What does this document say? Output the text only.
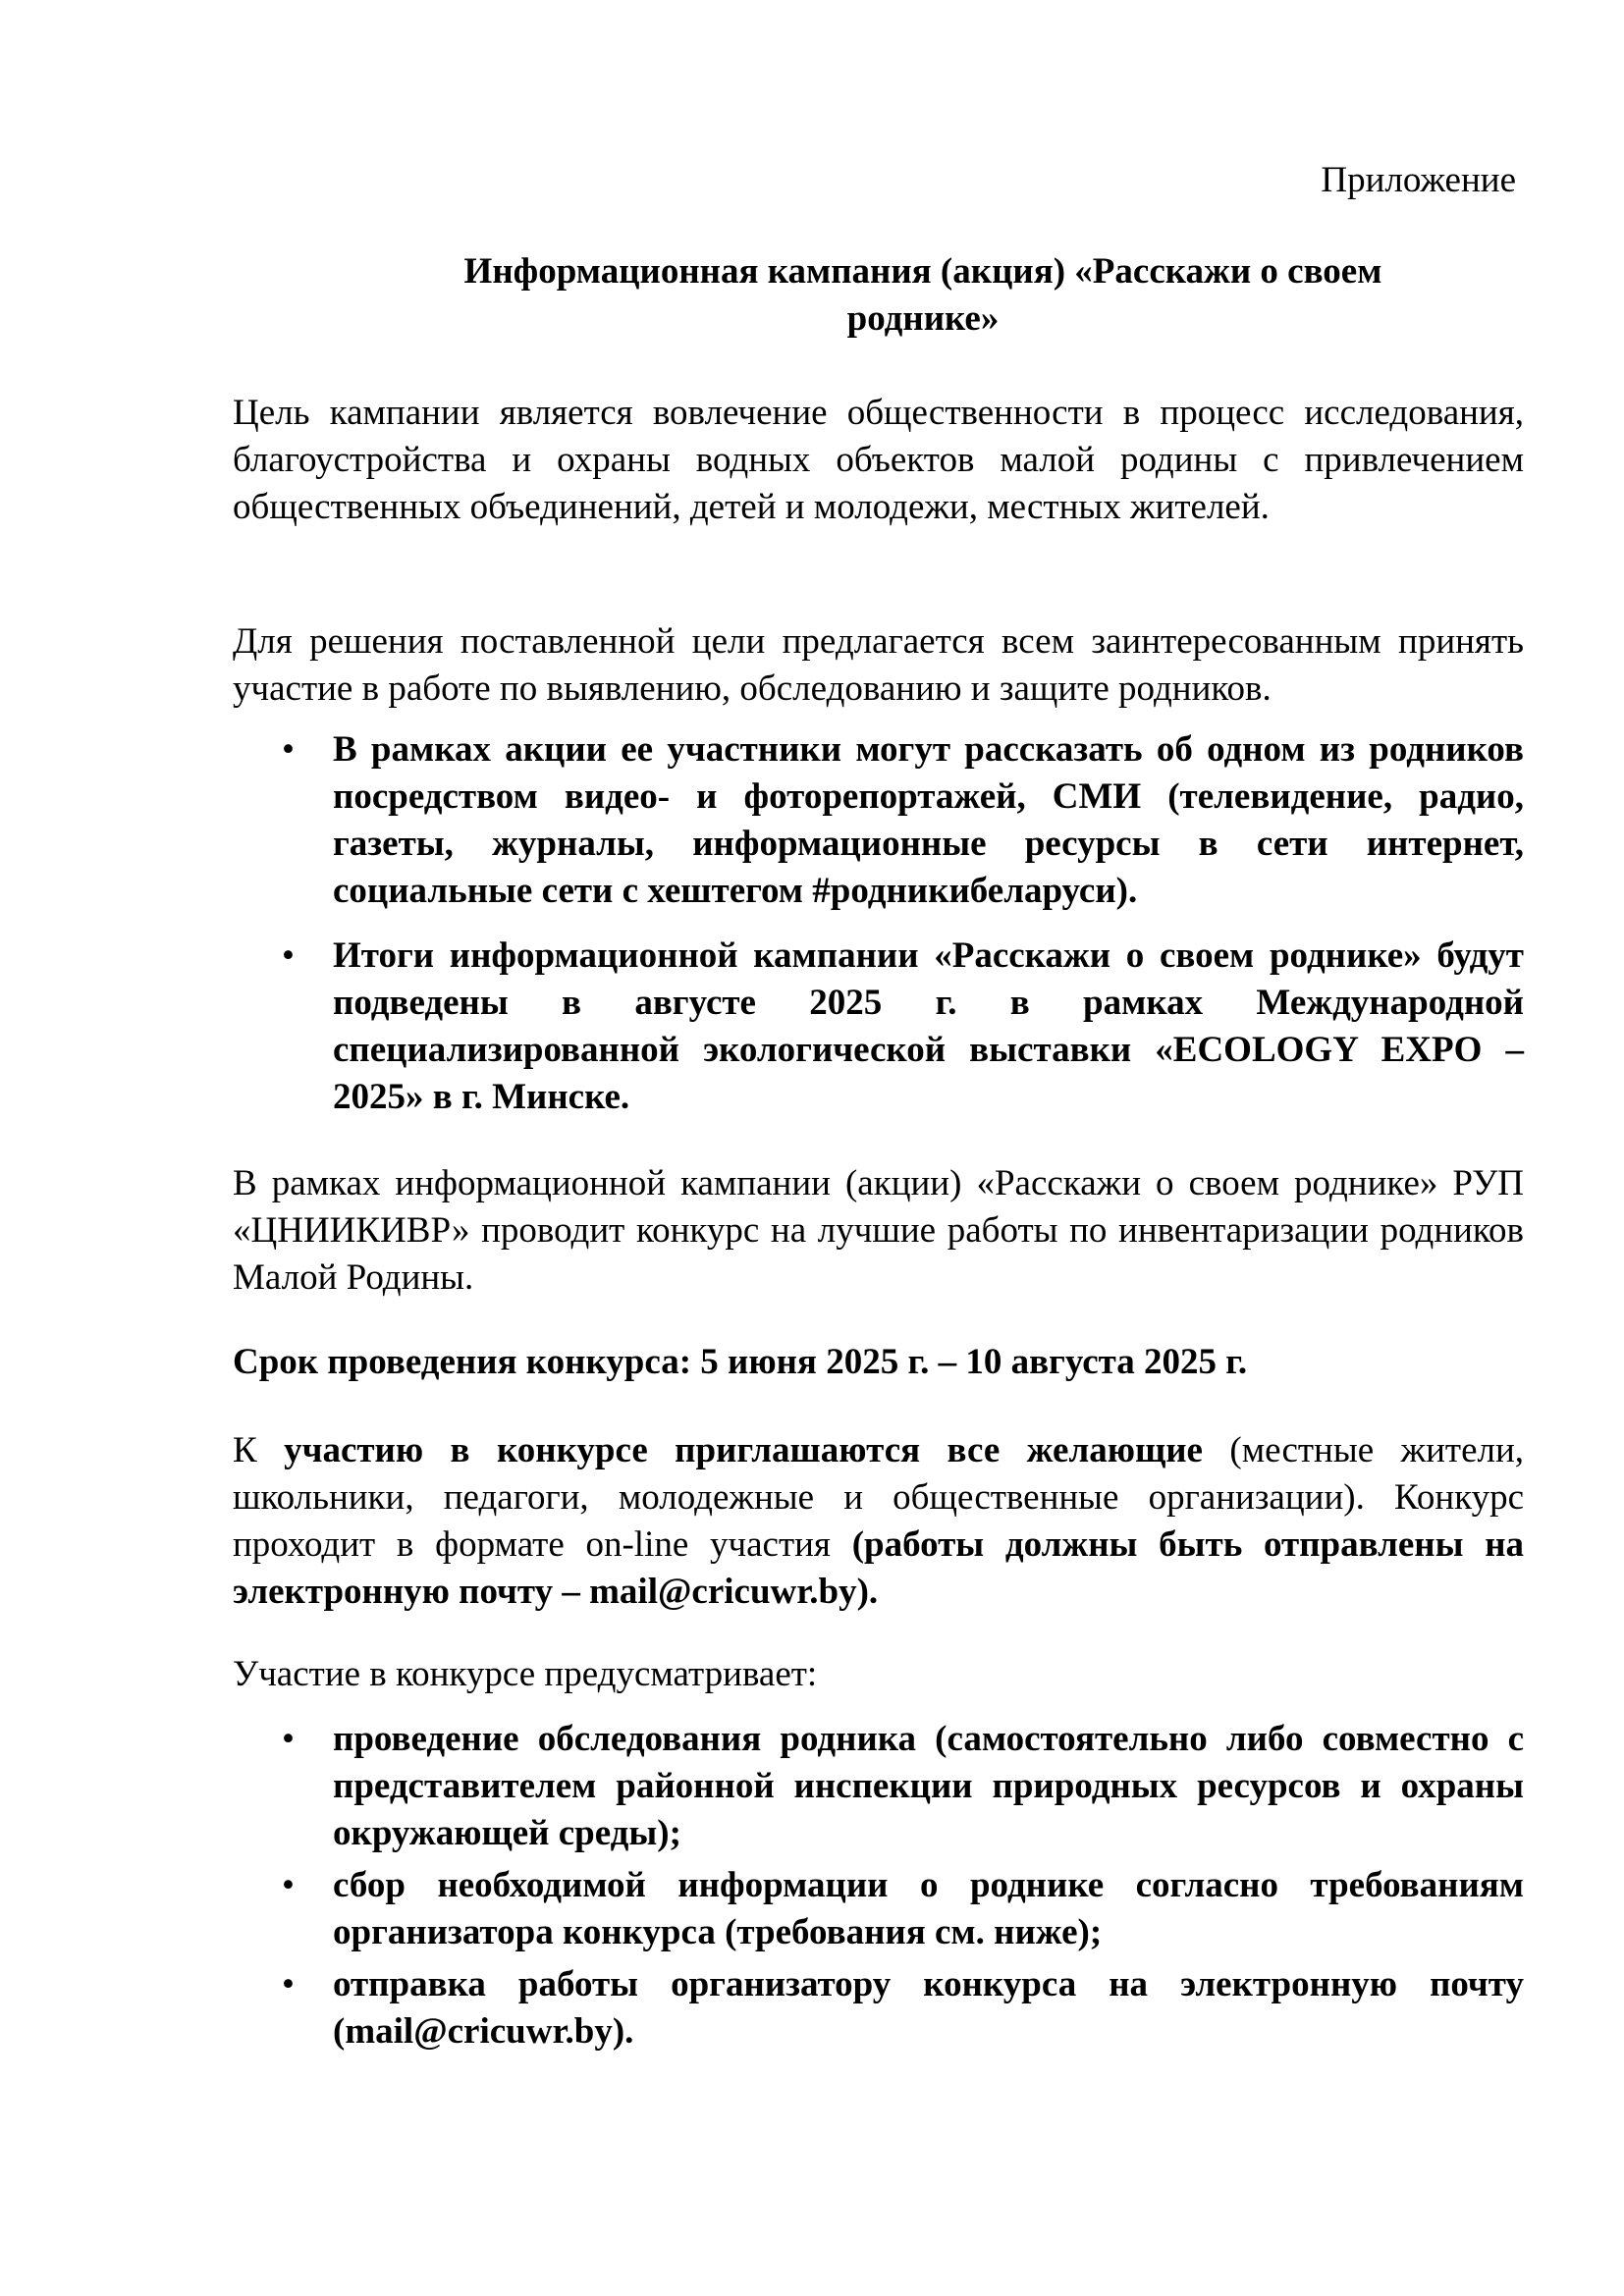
Приложение
Информационная кампания (акция) «Расскажи о своем
роднике»
Цель кампании является вовлечение общественности в процесс исследования, благоустройства и охраны водных объектов малой родины с привлечением общественных объединений, детей и молодежи, местных жителей.
Для решения поставленной цели предлагается всем заинтересованным принять участие в работе по выявлению, обследованию и защите родников.
• В рамках акции ее участники могут рассказать об одном из родников посредством видео- и фоторепортажей, СМИ (телевидение, радио, газеты, журналы, информационные ресурсы в сети интернет, социальные сети с хештегом #родникибеларуси).
• Итоги информационной кампании «Расскажи о своем роднике» будут подведены в августе 2025 г. в рамках Международной специализированной экологической выставки «ECOLOGY EXPO – 2025» в г. Минске.
В рамках информационной кампании (акции) «Расскажи о своем роднике» РУП «ЦНИИКИВР» проводит конкурс на лучшие работы по инвентаризации родников Малой Родины.
Срок проведения конкурса: 5 июня 2025 г. – 10 августа 2025 г.
К участию в конкурсе приглашаются все желающие (местные жители, школьники, педагоги, молодежные и общественные организации). Конкурс проходит в формате on-line участия (работы должны быть отправлены на электронную почту – mail@cricuwr.by).
Участие в конкурсе предусматривает:
• проведение обследования родника (самостоятельно либо совместно с представителем районной инспекции природных ресурсов и охраны окружающей среды);
• сбор необходимой информации о роднике согласно требованиям организатора конкурса (требования см. ниже);
• отправка работы организатору конкурса на электронную почту (mail@cricuwr.by).
